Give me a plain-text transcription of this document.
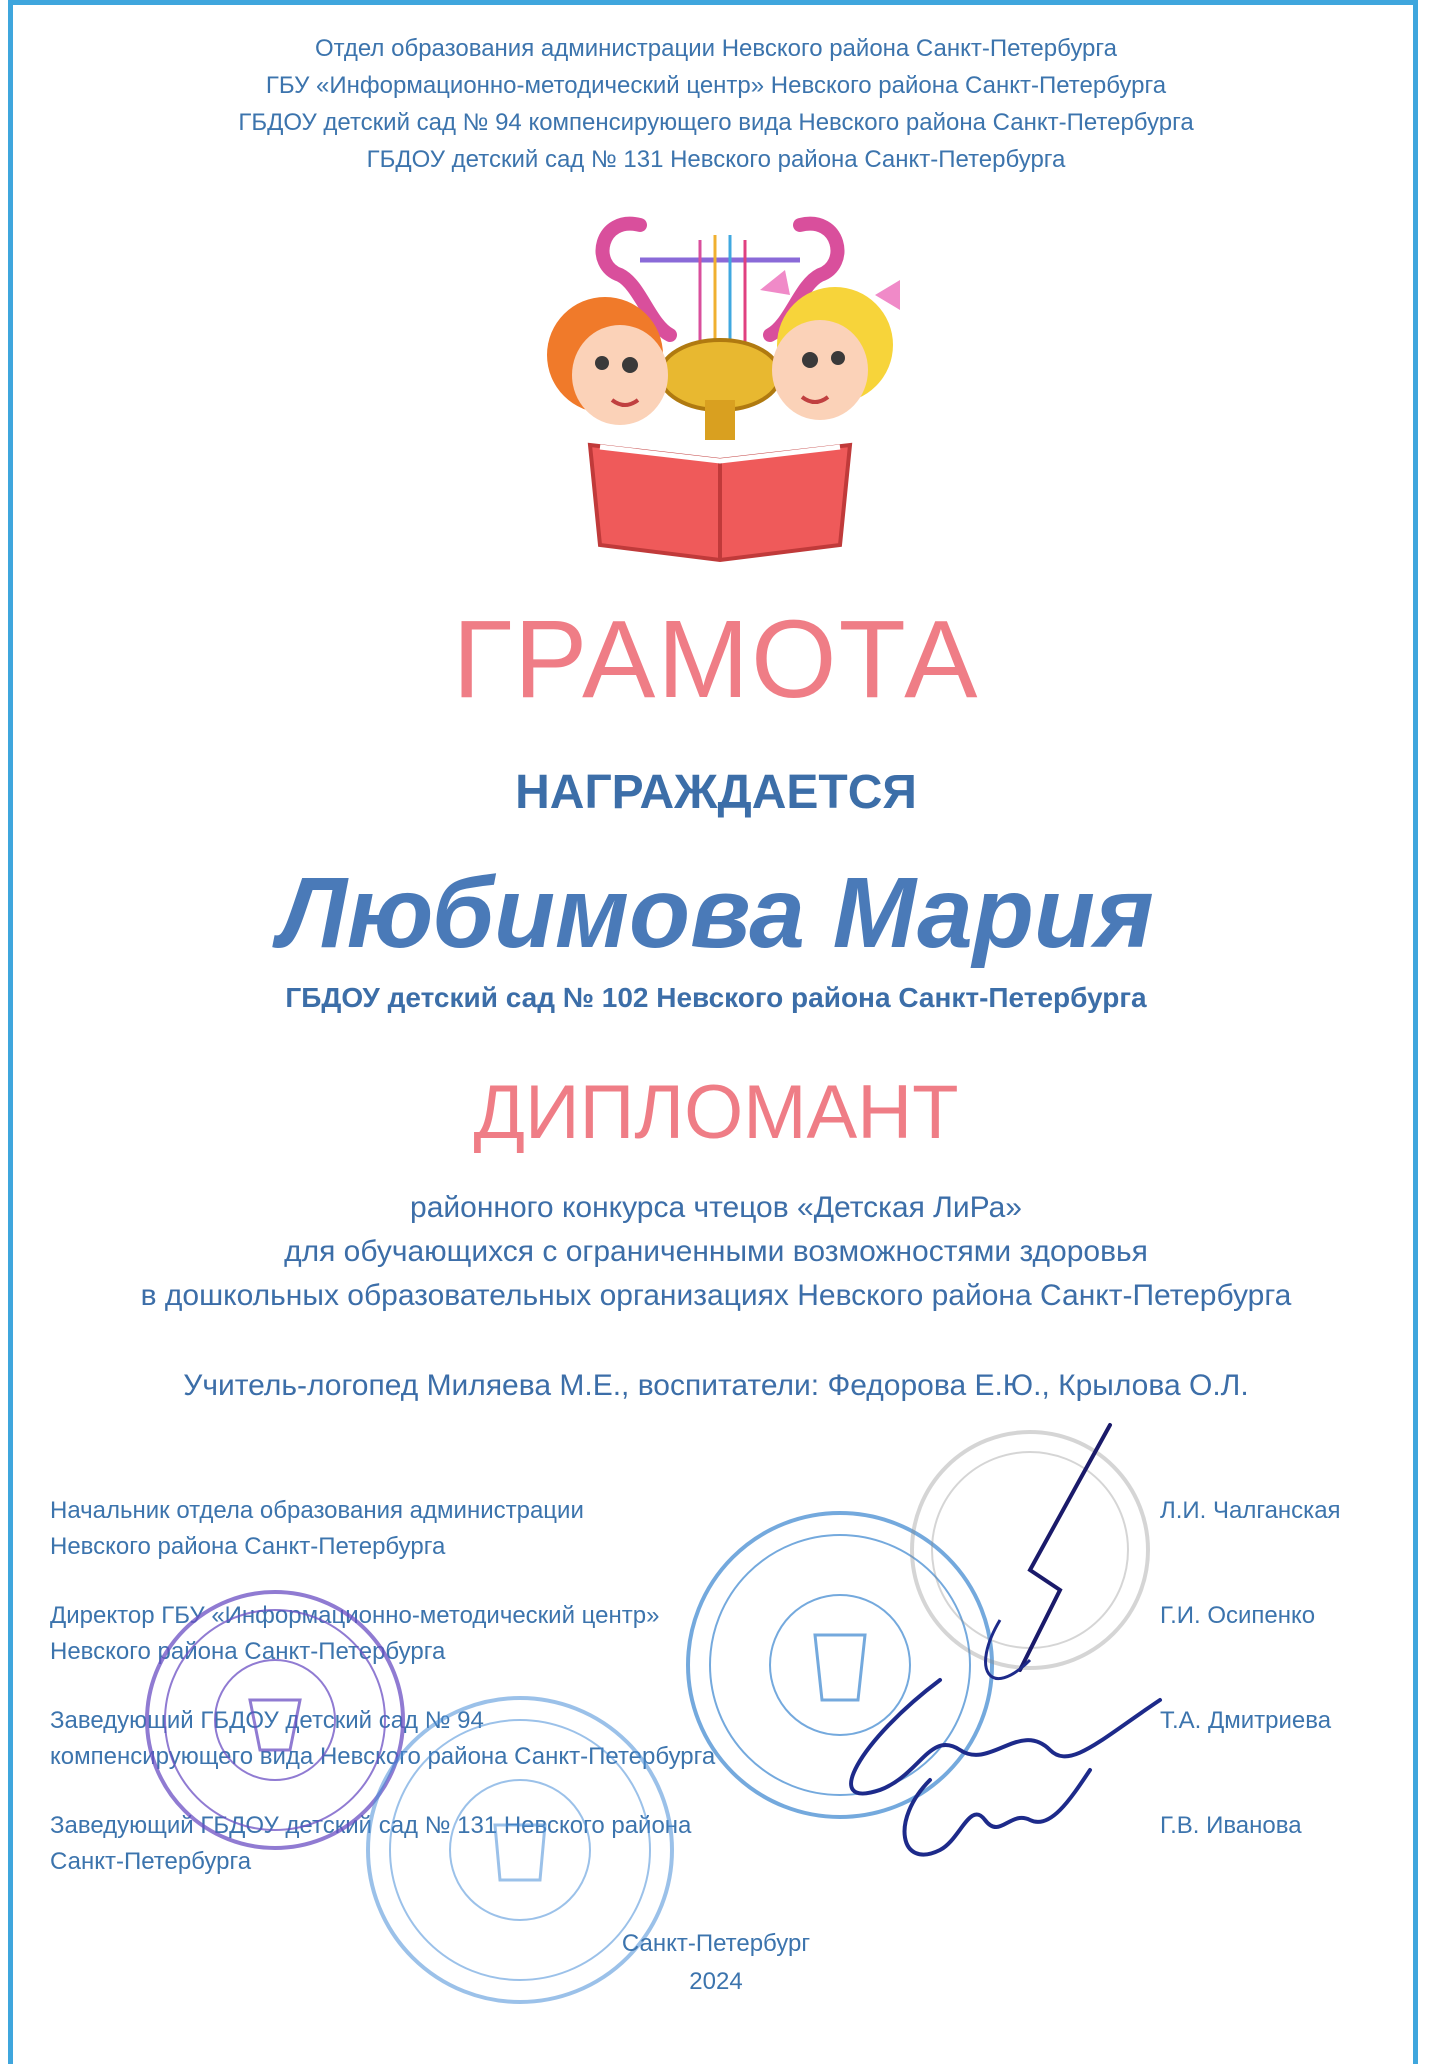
Отдел образования администрации Невского района Санкт-Петербурга
ГБУ «Информационно-методический центр» Невского района Санкт-Петербурга
ГБДОУ детский сад № 94 компенсирующего вида Невского района Санкт-Петербурга
ГБДОУ детский сад № 131 Невского района Санкт-Петербурга
ГРАМОТА
НАГРАЖДАЕТСЯ
Любимова Мария
ГБДОУ детский сад № 102 Невского района Санкт-Петербурга
ДИПЛОМАНТ
районного конкурса чтецов «Детская ЛиРа»
для обучающихся с ограниченными возможностями здоровья
в дошкольных образовательных организациях Невского района Санкт-Петербурга
Учитель-логопед Миляева М.Е., воспитатели: Федорова Е.Ю., Крылова О.Л.
Начальник отдела образования администрации
Невского района Санкт-Петербурга
Л.И. Чалганская
Директор ГБУ «Информационно-методический центр»
Невского района Санкт-Петербурга
Г.И. Осипенко
Заведующий ГБДОУ детский сад № 94
компенсирующего вида Невского района Санкт-Петербурга
Т.А. Дмитриева
Заведующий ГБДОУ детский сад № 131 Невского района
Санкт-Петербурга
Г.В. Иванова
Санкт-Петербург
2024
